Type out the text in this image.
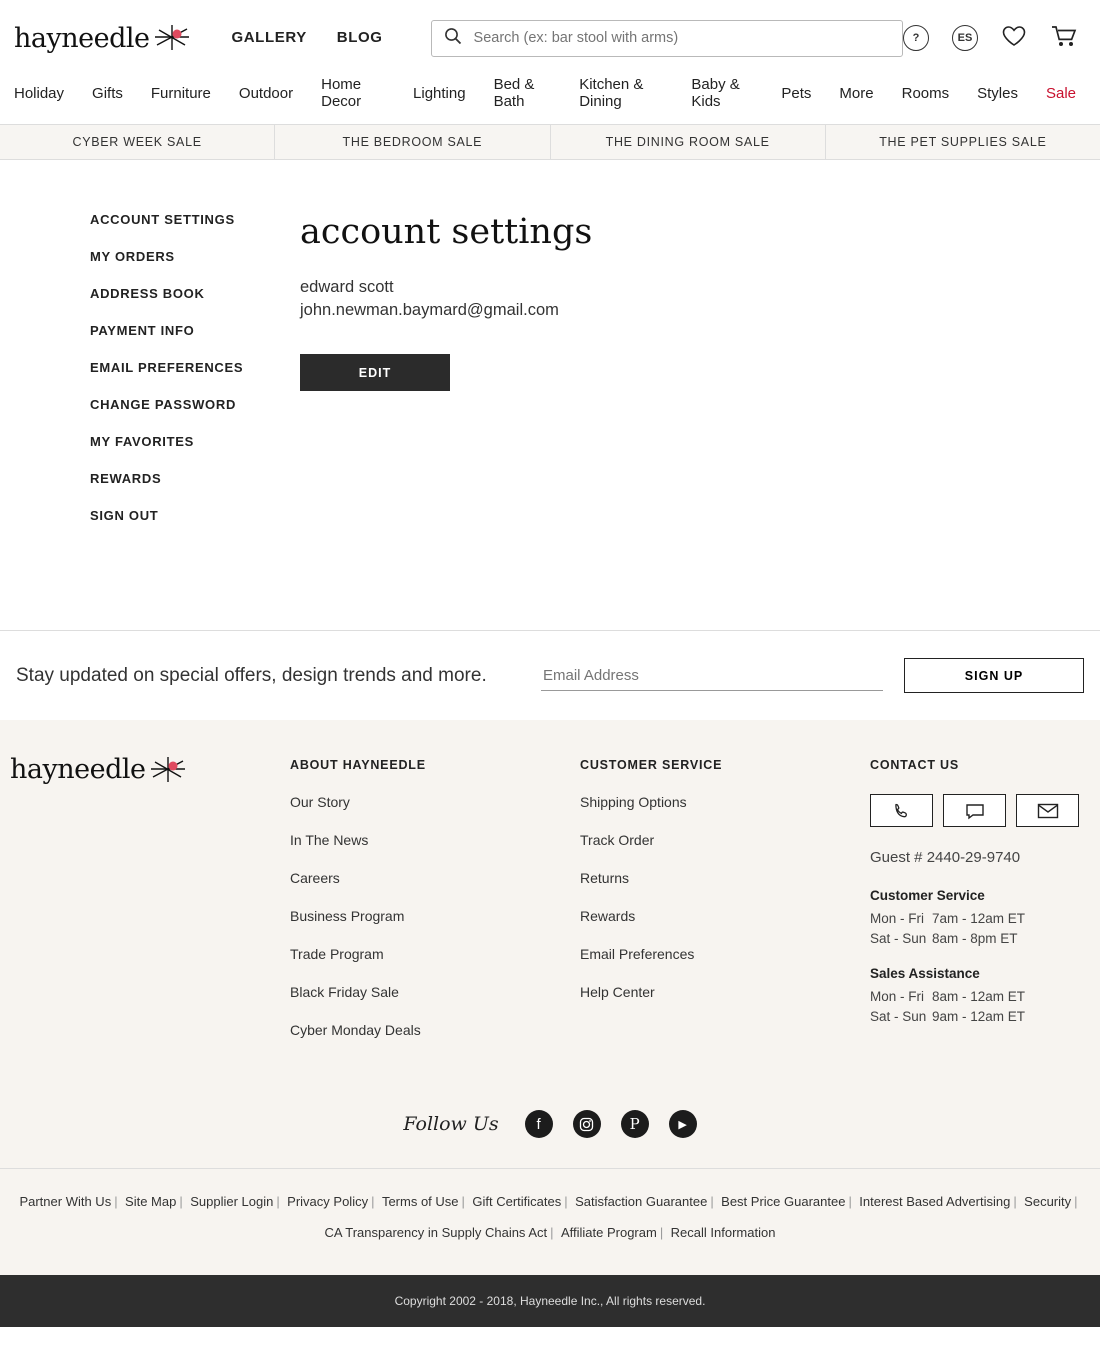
hayneedle	GALLERY BLOG
Search (ex: bar stool with arms)	?	ES
Holiday	Gifts	Furniture	Outdoor	Home Decor	Lighting	Bed & Bath
Kitchen & Dining
Baby & Kids	Pets	More	Rooms	Styles	Sale
CYBER WEEK SALE	THE BEDROOM SALE	THE DINING ROOM SALE	THE PET SUPPLIES SALE
ACCOUNT SETTINGS
MY ORDERS
ADDRESS BOOK
PAYMENT INFO
EMAIL PREFERENCES
CHANGE PASSWORD
MY FAVORITES
REWARDS
SIGN OUT
account settings
edward scott
john.newman.baymard@gmail.com
EDIT
Stay updated on special offers, design trends and more.
Email Address	SIGN UP
hayneedle	ABOUT HAYNEEDLE
Our Story
In The News
Careers
Business Program
Trade Program
Black Friday Sale
Cyber Monday Deals
CUSTOMER SERVICE
Shipping Options
Track Order
Returns
Rewards
Email Preferences
Help Center
CONTACT US
Guest # 2440-29-9740
Customer Service
Mon - Fri 7am - 12am ET
Sat - Sun 8am - 8pm ET
Sales Assistance
Mon - Fri 8am - 12am ET
Sat - Sun 9am - 12am ET
Follow Us	f	P	▶
Partner With Us | Site Map | Supplier Login | Privacy Policy | Terms of Use | Gift Certificates | Satisfaction Guarantee | Best Price Guarantee | Interest Based Advertising | Security |
CA Transparency in Supply Chains Act | Affiliate Program | Recall Information
Copyright 2002 - 2018, Hayneedle Inc., All rights reserved.
